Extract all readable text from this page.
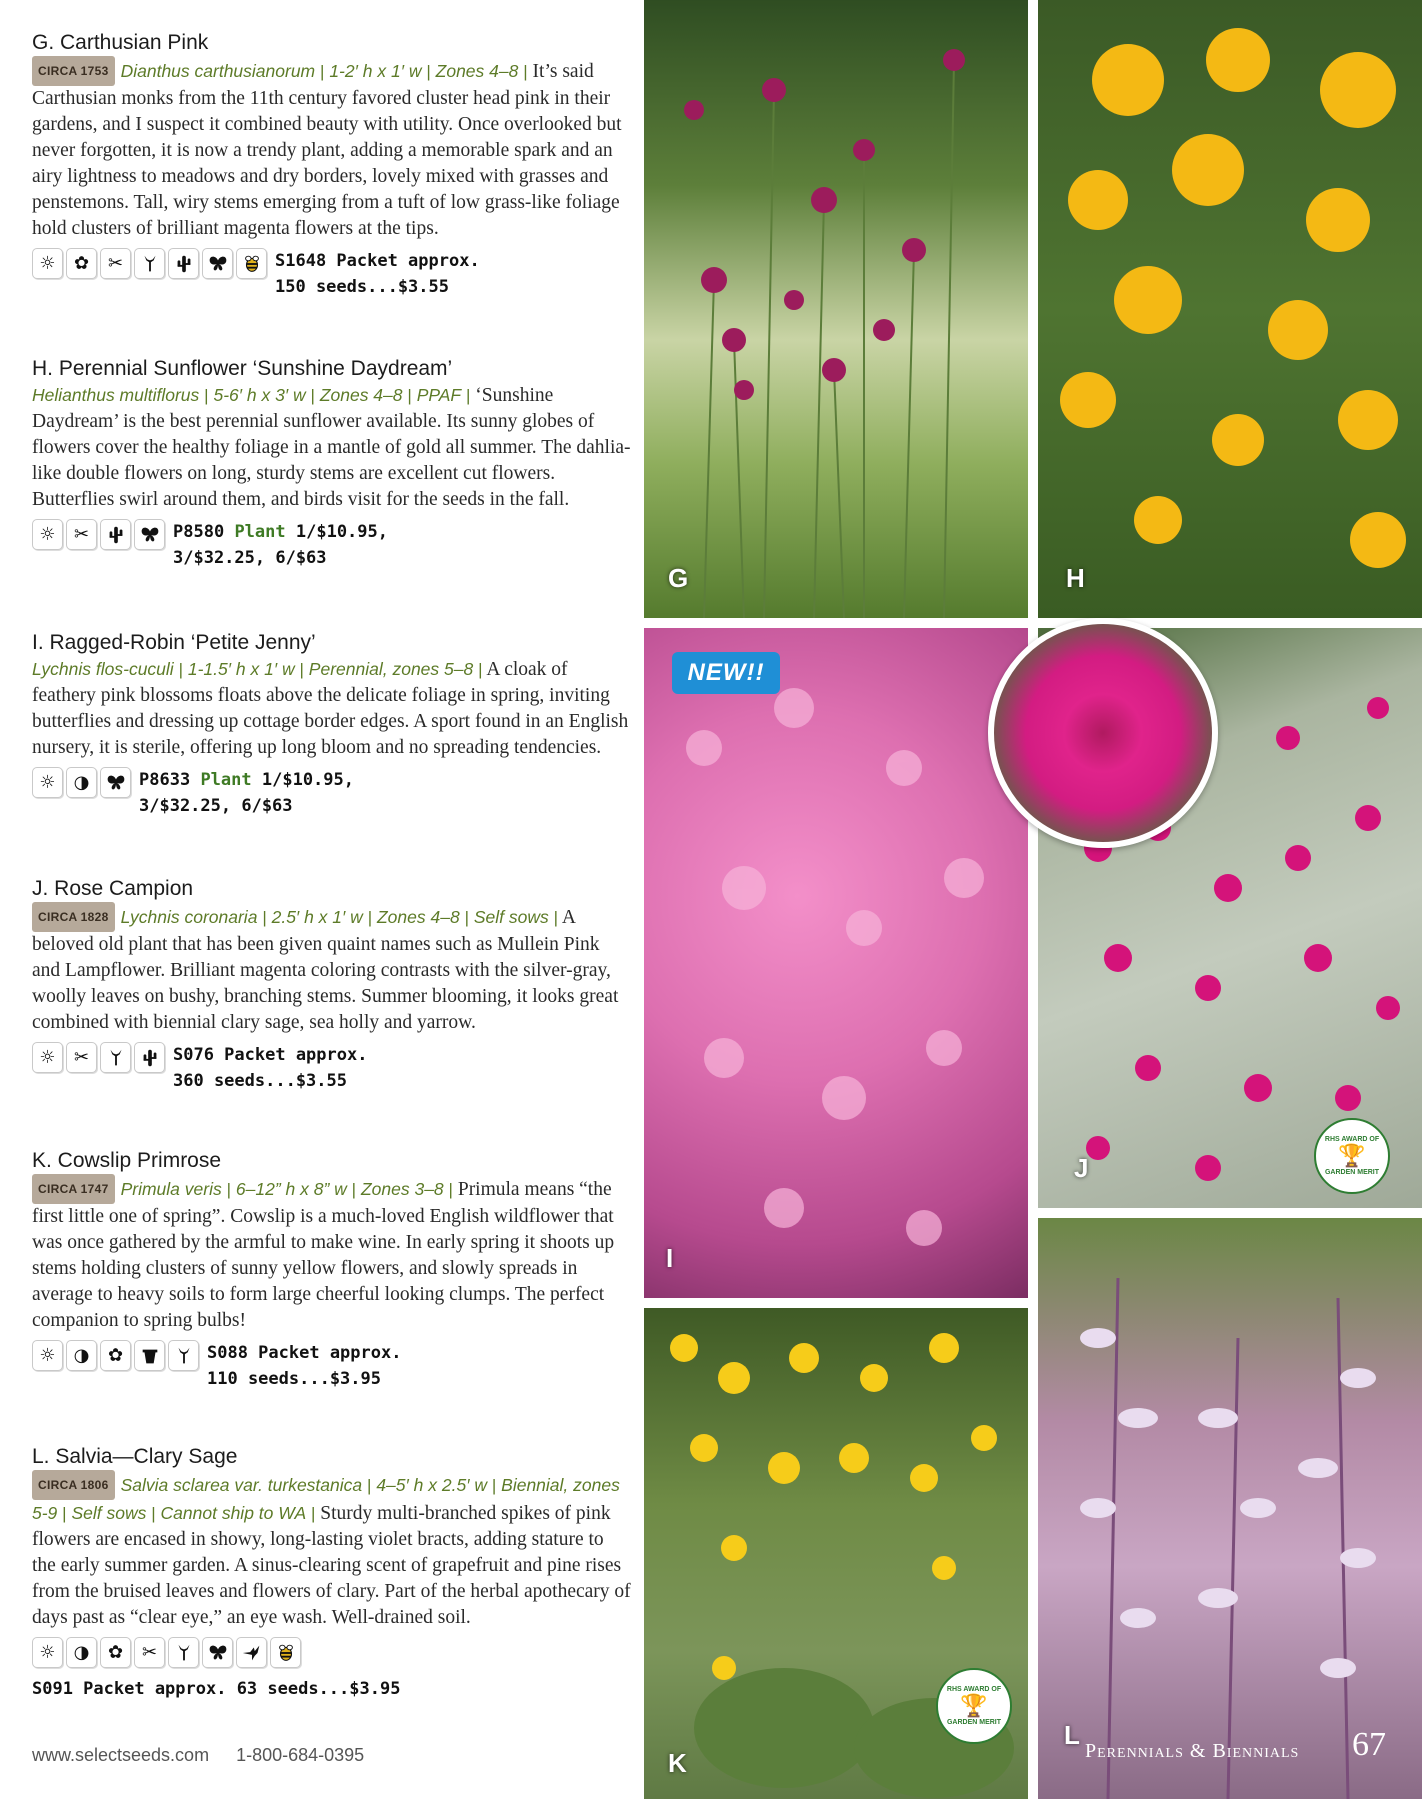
G. Carthusian Pink

CIRCA 1753 Dianthus carthusianorum | 1-2′ h x 1′ w | Zones 4–8 | It’s said Carthusian monks from the 11th century favored cluster head pink in their gardens, and I suspect it combined beauty with utility. Once overlooked but never forgotten, it is now a trendy plant, adding a memorable spark and an airy lightness to meadows and dry borders, lovely mixed with grasses and penstemons. Tall, wiry stems emerging from a tuft of low grass-like foliage hold clusters of brilliant magenta flowers at the tips.

☼	✿	✂	S1648 Packet approx.
150 seeds...$3.55

H. Perennial Sunflower ‘Sunshine Daydream’

Helianthus multiflorus | 5-6′ h x 3′ w | Zones 4–8 | PPAF | ‘Sunshine Daydream’ is the best perennial sunflower available. Its sunny globes of flowers cover the healthy foliage in a mantle of gold all summer. The dahlia-like double flowers on long, sturdy stems are excellent cut flowers. Butterflies swirl around them, and birds visit for the seeds in the fall.

☼	✂	P8580 Plant 1/$10.95,
3/$32.25, 6/$63

I. Ragged-Robin ‘Petite Jenny’

Lychnis flos-cuculi | 1-1.5′ h x 1′ w | Perennial, zones 5–8 | A cloak of feathery pink blossoms floats above the delicate foliage in spring, inviting butterflies and dressing up cottage border edges. A sport found in an English nursery, it is sterile, offering up long bloom and no spreading tendencies.

☼	◑	P8633 Plant 1/$10.95,
3/$32.25, 6/$63

J. Rose Campion

CIRCA 1828 Lychnis coronaria | 2.5′ h x 1′ w | Zones 4–8 | Self sows | A beloved old plant that has been given quaint names such as Mullein Pink and Lampflower. Brilliant magenta coloring contrasts with the silver-gray, woolly leaves on bushy, branching stems. Summer blooming, it looks great combined with biennial clary sage, sea holly and yarrow.

☼	✂	S076 Packet approx.
360 seeds...$3.55

K. Cowslip Primrose

CIRCA 1747 Primula veris | 6–12” h x 8” w | Zones 3–8 | Primula means “the first little one of spring”. Cowslip is a much-loved English wildflower that was once gathered by the armful to make wine. In early spring it shoots up stems holding clusters of sunny yellow flowers, and slowly spreads in average to heavy soils to form large cheerful looking clumps. The perfect companion to spring bulbs!

☼	◑	✿	S088 Packet approx.
110 seeds...$3.95

L. Salvia—Clary Sage

CIRCA 1806 Salvia sclarea var. turkestanica | 4–5′ h x 2.5′ w | Biennial, zones 5-9 | Self sows | Cannot ship to WA | Sturdy multi-branched spikes of pink flowers are encased in showy, long-lasting violet bracts, adding stature to the early summer garden. A sinus-clearing scent of grapefruit and pine rises from the bruised leaves and flowers of clary. Part of the herbal apothecary of days past as “clear eye,” an eye wash. Well-drained soil.

☼	◑	✿	✂
S091 Packet approx. 63 seeds...$3.95
www.selectseeds.com 1-800-684-0395
G	H
I
NEW!!
J
RHS AWARD OF
🏆
GARDEN MERIT
K
RHS AWARD OF
🏆
GARDEN MERIT L
Perennials & Biennials 67
